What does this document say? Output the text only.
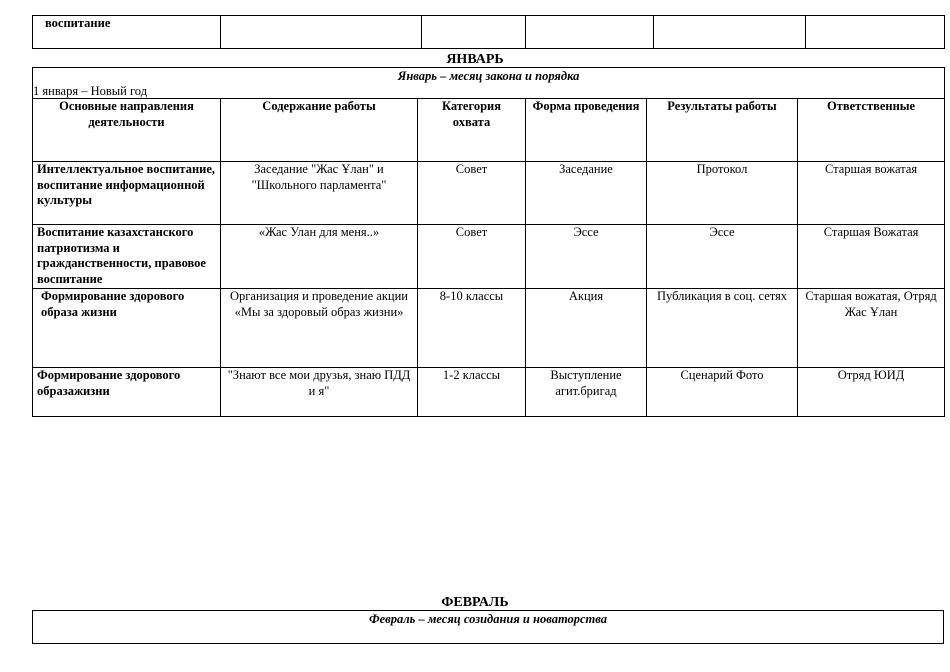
воспитание					
ЯНВАРЬ
Январь – месяц закона и порядка
1 января – Новый год					

Основные направления деятельности	Содержание работы	Категория охвата	Форма проведения	Результаты работы	Ответственные
Интеллектуальное воспитание, воспитание информационной культуры	Заседание "Жас Ұлан" и "Школьного парламента"	Совет	Заседание	Протокол	Старшая вожатая
Воспитание казахстанского патриотизма и гражданственности, правовое воспитание	«Жас Улан для меня..»	Совет	Эссе	Эссе	Старшая Вожатая
Формирование здорового образа жизни	Организация и проведение акции «Мы за здоровый образ жизни»	8-10 классы	Акция	Публикация в соц. сетях	Старшая вожатая, Отряд Жас Ұлан
Формирование здорового образажизни	"Знают все мои друзья, знаю ПДД и я"	1-2 классы	Выступление агит.бригад	Сценарий Фото	Отряд ЮИД
ФЕВРАЛЬ
Февраль – месяц созидания и новаторства
